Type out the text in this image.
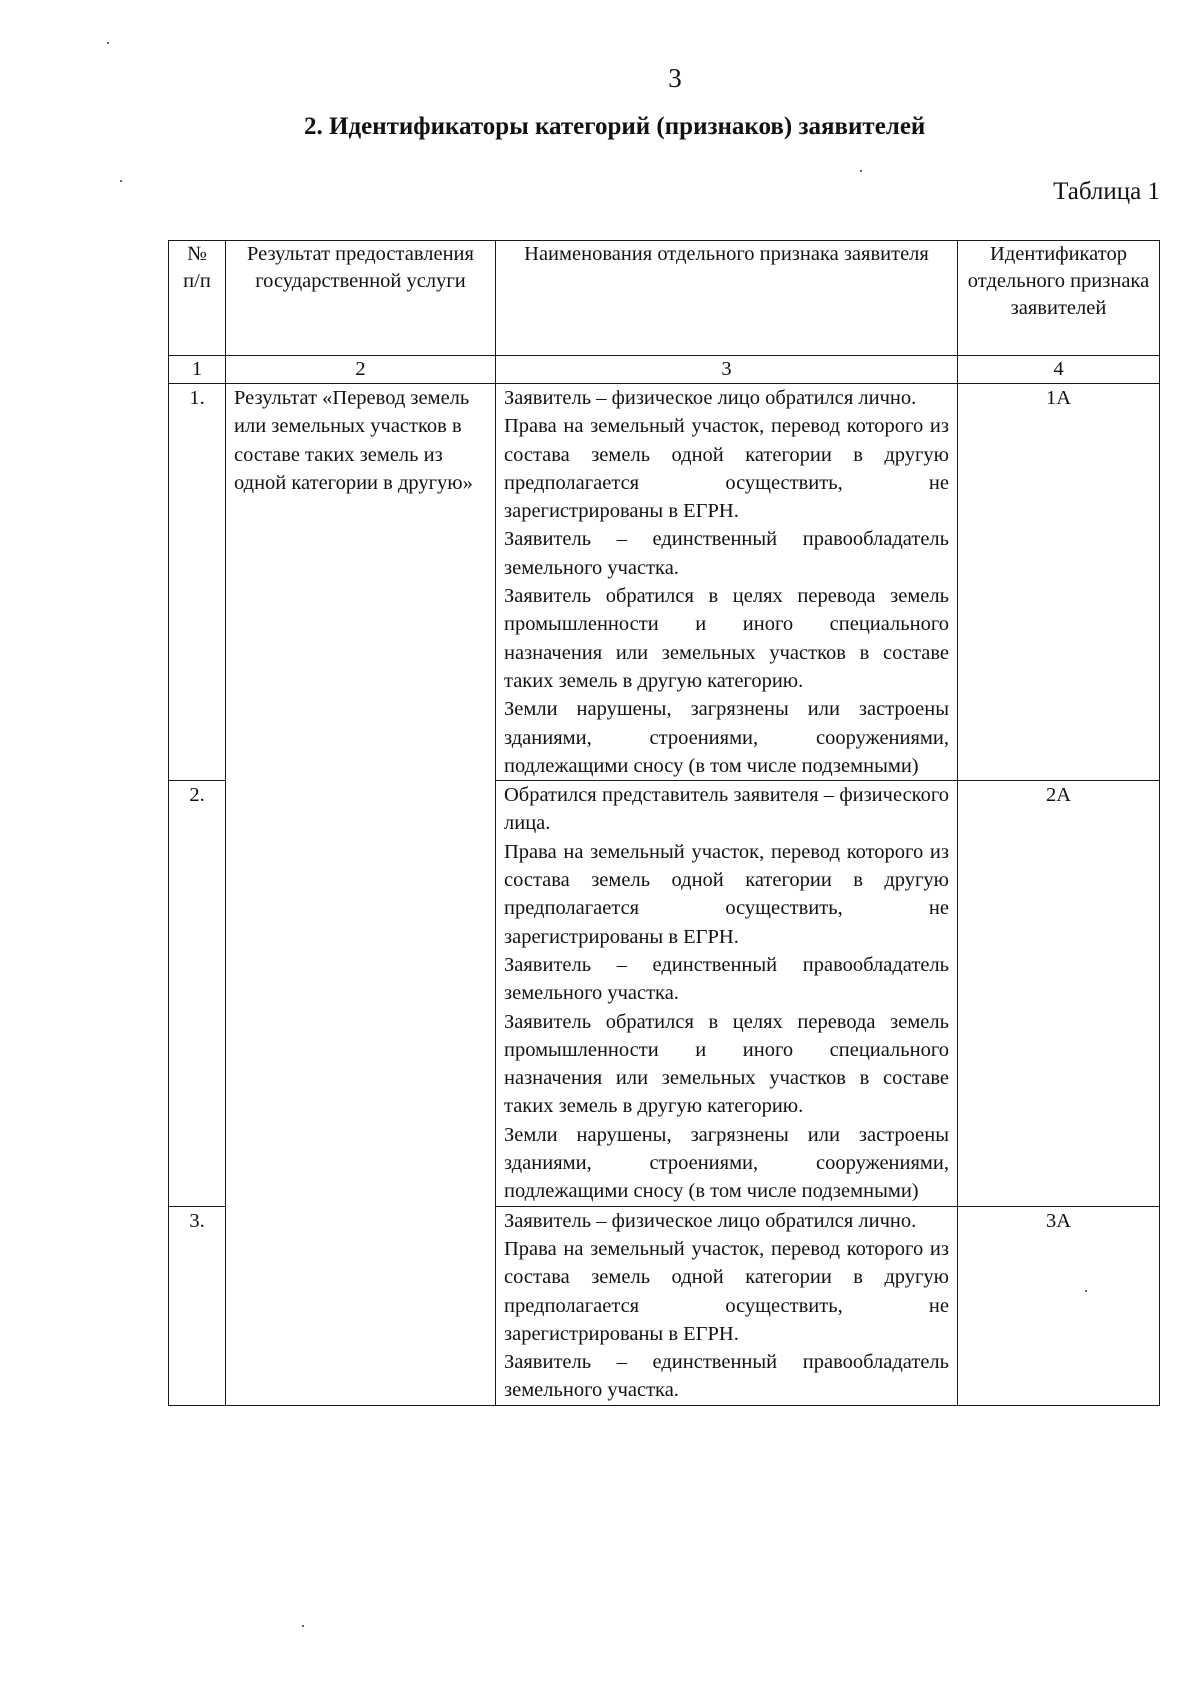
3
2. Идентификаторы категорий (признаков) заявителей
Таблица 1
№ п/п	Результат предоставления государственной услуги	Наименования отдельного признака заявителя	Идентификатор отдельного признака заявителей
1	2	3	4
1.	Результат «Перевод земель или земельных участков в составе таких земель из одной категории в другую»	Заявитель – физическое лицо обратился лично.

Права на земельный участок, перевод которого из состава земель одной категории в другую предполагается осуществить, не зарегистрированы в ЕГРН.

Заявитель – единственный правообладатель земельного участка.

Заявитель обратился в целях перевода земель промышленности и иного специального назначения или земельных участков в составе таких земель в другую категорию.

Земли нарушены, загрязнены или застроены зданиями, строениями, сооружениями, подлежащими сносу (в том числе подземными)	1А
2.		Обратился представитель заявителя – физического лица.

Права на земельный участок, перевод которого из состава земель одной категории в другую предполагается осуществить, не зарегистрированы в ЕГРН.

Заявитель – единственный правообладатель земельного участка.

Заявитель обратился в целях перевода земель промышленности и иного специального назначения или земельных участков в составе таких земель в другую категорию.

Земли нарушены, загрязнены или застроены зданиями, строениями, сооружениями, подлежащими сносу (в том числе подземными)	2А
3.		Заявитель – физическое лицо обратился лично.

Права на земельный участок, перевод которого из состава земель одной категории в другую предполагается осуществить, не зарегистрированы в ЕГРН.

Заявитель – единственный правообладатель земельного участка.	3А
